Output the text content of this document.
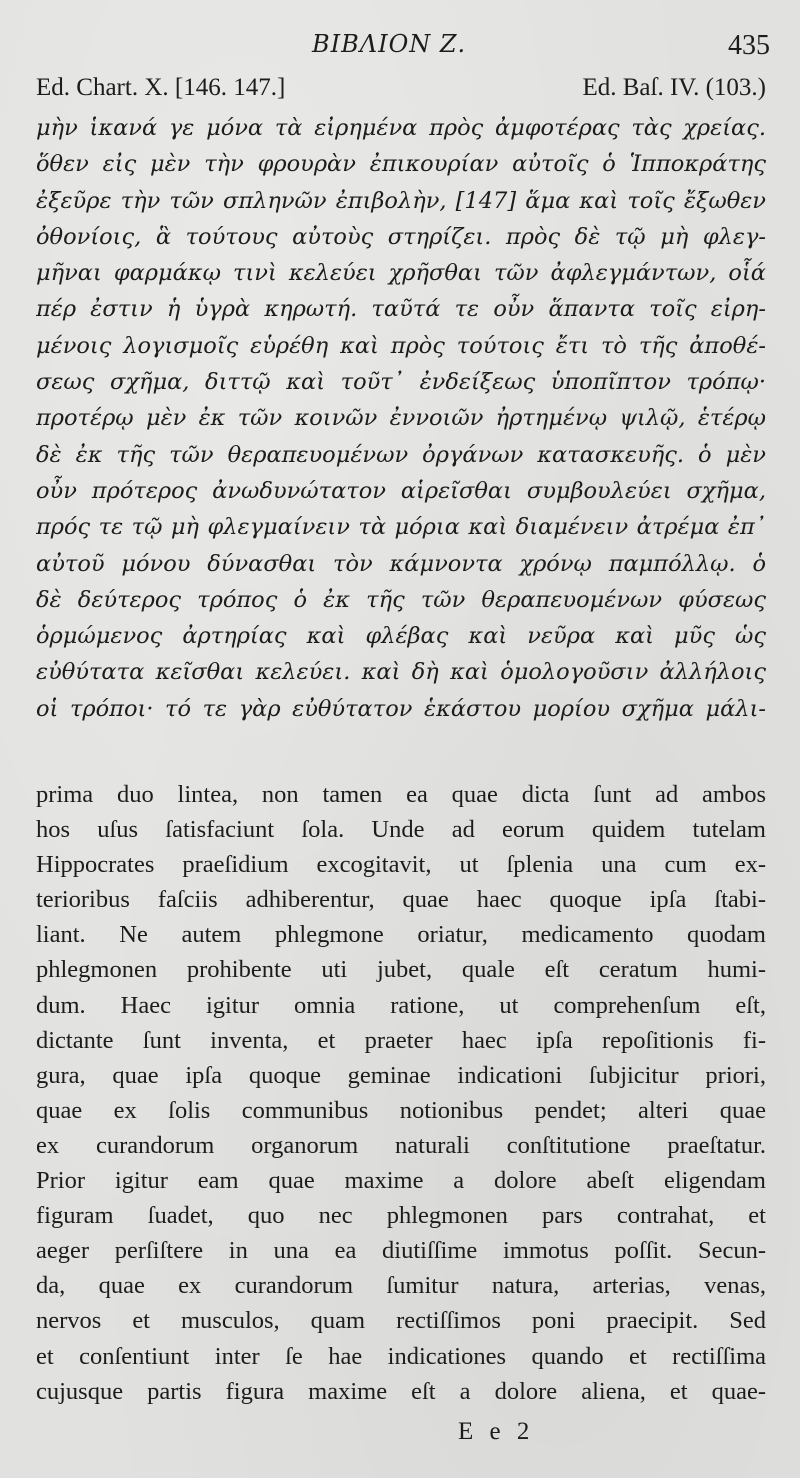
ΒΙΒΛΙΟΝ Ζ.	435
Ed. Chart. X. [146. 147.]	Ed. Baſ. IV. (103.)
μὴν ἱκανά γε μόνα τὰ εἰρημένα πρὸς ἀμφοτέρας τὰς χρείας.
ὅθεν εἰς μὲν τὴν φρουρὰν ἐπικουρίαν αὐτοῖς ὁ Ἱπποκράτης
ἐξεῦρε τὴν τῶν σπληνῶν ἐπιβολὴν, [147] ἅμα καὶ τοῖς ἔξωθεν
ὀθονίοις, ἃ τούτους αὐτοὺς στηρίζει. πρὸς δὲ τῷ μὴ φλεγ-
μῆναι φαρμάκῳ τινὶ κελεύει χρῆσθαι τῶν ἀφλεγμάντων, οἷά
πέρ ἐστιν ἡ ὑγρὰ κηρωτή. ταῦτά τε οὖν ἅπαντα τοῖς εἰρη-
μένοις λογισμοῖς εὑρέθη καὶ πρὸς τούτοις ἔτι τὸ τῆς ἀποθέ-
σεως σχῆμα, διττῷ καὶ τοῦτ᾽ ἐνδείξεως ὑποπῖπτον τρόπῳ·
προτέρῳ μὲν ἐκ τῶν κοινῶν ἐννοιῶν ἠρτημένῳ ψιλῷ, ἑτέρῳ
δὲ ἐκ τῆς τῶν θεραπευομένων ὀργάνων κατασκευῆς. ὁ μὲν
οὖν πρότερος ἀνωδυνώτατον αἱρεῖσθαι συμβουλεύει σχῆμα,
πρός τε τῷ μὴ φλεγμαίνειν τὰ μόρια καὶ διαμένειν ἀτρέμα ἐπ᾽
αὐτοῦ μόνου δύνασθαι τὸν κάμνοντα χρόνῳ παμπόλλῳ. ὁ
δὲ δεύτερος τρόπος ὁ ἐκ τῆς τῶν θεραπευομένων φύσεως
ὁρμώμενος ἀρτηρίας καὶ φλέβας καὶ νεῦρα καὶ μῦς ὡς
εὐθύτατα κεῖσθαι κελεύει. καὶ δὴ καὶ ὁμολογοῦσιν ἀλλήλοις
οἱ τρόποι· τό τε γὰρ εὐθύτατον ἑκάστου μορίου σχῆμα μάλι-
prima duo lintea, non tamen ea quae dicta ſunt ad ambos
hos uſus ſatisfaciunt ſola. Unde ad eorum quidem tutelam
Hippocrates praeſidium excogitavit, ut ſplenia una cum ex-
terioribus faſciis adhiberentur, quae haec quoque ipſa ſtabi-
liant. Ne autem phlegmone oriatur, medicamento quodam
phlegmonen prohibente uti jubet, quale eſt ceratum humi-
dum. Haec igitur omnia ratione, ut comprehenſum eſt,
dictante ſunt inventa, et praeter haec ipſa repoſitionis fi-
gura, quae ipſa quoque geminae indicationi ſubjicitur priori,
quae ex ſolis communibus notionibus pendet; alteri quae
ex curandorum organorum naturali conſtitutione praeſtatur.
Prior igitur eam quae maxime a dolore abeſt eligendam
figuram ſuadet, quo nec phlegmonen pars contrahat, et
aeger perſiſtere in una ea diutiſſime immotus poſſit. Secun-
da, quae ex curandorum ſumitur natura, arterias, venas,
nervos et musculos, quam rectiſſimos poni praecipit. Sed
et conſentiunt inter ſe hae indicationes quando et rectiſſima
cujusque partis figura maxime eſt a dolore aliena, et quae-
E e 2
